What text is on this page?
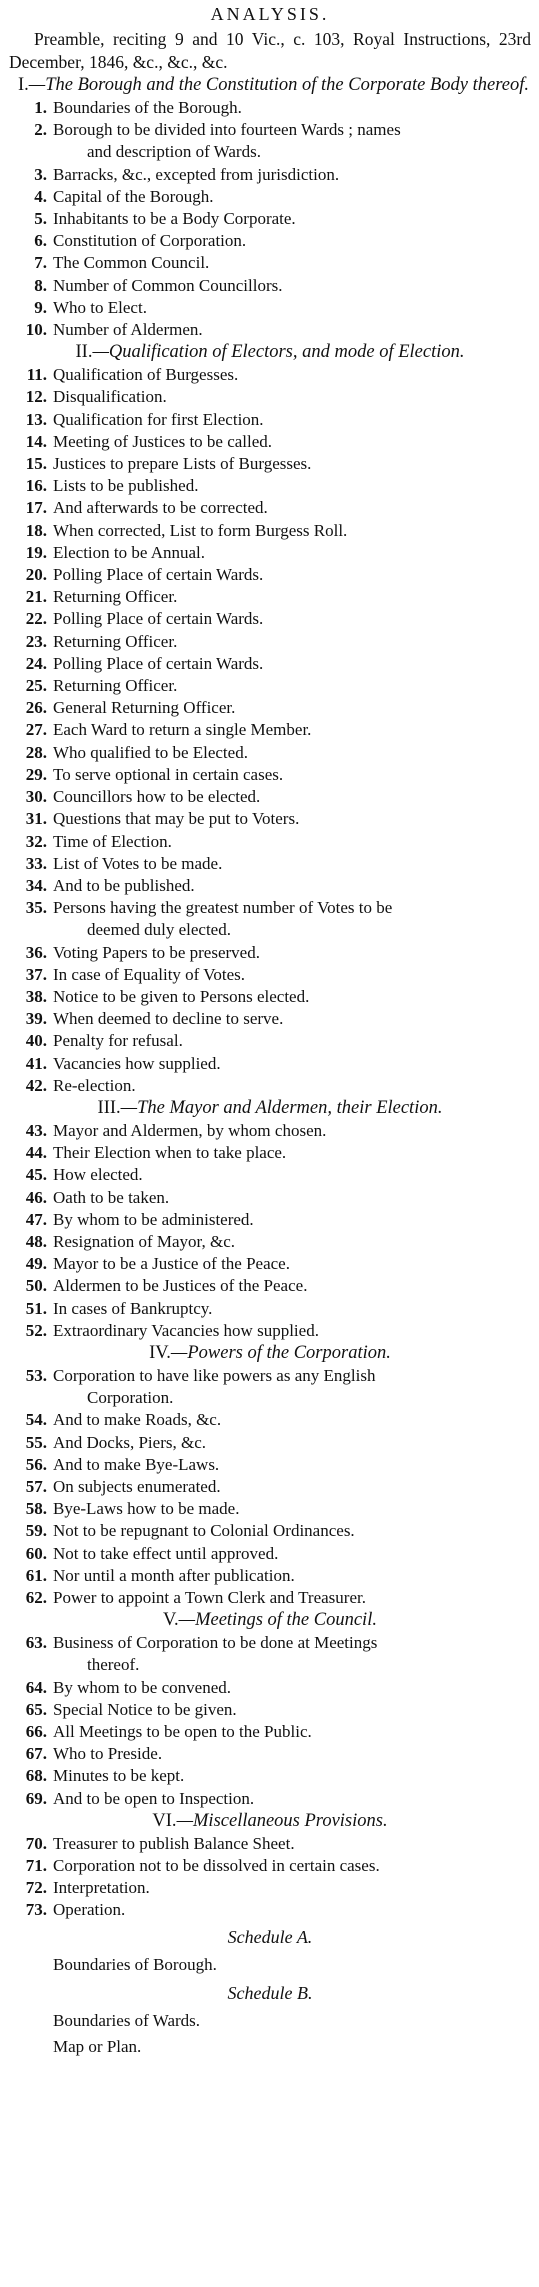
ANALYSIS.

Preamble, reciting 9 and 10 Vic., c. 103, Royal Instructions, 23rd December, 1846, &c., &c., &c.

I.—The Borough and the Constitution of the Corporate Body thereof.
1. Boundaries of the Borough.
2. Borough to be divided into fourteen Wards ; names
and description of Wards.
3. Barracks, &c., excepted from jurisdiction.
4. Capital of the Borough.
5. Inhabitants to be a Body Corporate.
6. Constitution of Corporation.
7. The Common Council.
8. Number of Common Councillors.
9. Who to Elect.
10. Number of Aldermen.
II.—Qualification of Electors, and mode of Election.
11. Qualification of Burgesses.
12. Disqualification.
13. Qualification for first Election.
14. Meeting of Justices to be called.
15. Justices to prepare Lists of Burgesses.
16. Lists to be published.
17. And afterwards to be corrected.
18. When corrected, List to form Burgess Roll.
19. Election to be Annual.
20. Polling Place of certain Wards.
21. Returning Officer.
22. Polling Place of certain Wards.
23. Returning Officer.
24. Polling Place of certain Wards.
25. Returning Officer.
26. General Returning Officer.
27. Each Ward to return a single Member.
28. Who qualified to be Elected.
29. To serve optional in certain cases.
30. Councillors how to be elected.
31. Questions that may be put to Voters.
32. Time of Election.
33. List of Votes to be made.
34. And to be published.
35. Persons having the greatest number of Votes to be
deemed duly elected.
36. Voting Papers to be preserved.
37. In case of Equality of Votes.
38. Notice to be given to Persons elected.
39. When deemed to decline to serve.
40. Penalty for refusal.
41. Vacancies how supplied.
42. Re-election.
III.—The Mayor and Aldermen, their Election.
43. Mayor and Aldermen, by whom chosen.
44. Their Election when to take place.
45. How elected.
46. Oath to be taken.
47. By whom to be administered.
48. Resignation of Mayor, &c.
49. Mayor to be a Justice of the Peace.
50. Aldermen to be Justices of the Peace.
51. In cases of Bankruptcy.
52. Extraordinary Vacancies how supplied.
IV.—Powers of the Corporation.
53. Corporation to have like powers as any English
Corporation.
54. And to make Roads, &c.
55. And Docks, Piers, &c.
56. And to make Bye-Laws.
57. On subjects enumerated.
58. Bye-Laws how to be made.
59. Not to be repugnant to Colonial Ordinances.
60. Not to take effect until approved.
61. Nor until a month after publication.
62. Power to appoint a Town Clerk and Treasurer.
V.—Meetings of the Council.
63. Business of Corporation to be done at Meetings
thereof.
64. By whom to be convened.
65. Special Notice to be given.
66. All Meetings to be open to the Public.
67. Who to Preside.
68. Minutes to be kept.
69. And to be open to Inspection.
VI.—Miscellaneous Provisions.
70. Treasurer to publish Balance Sheet.
71. Corporation not to be dissolved in certain cases.
72. Interpretation.
73. Operation.
Schedule A.
Boundaries of Borough.
Schedule B.
Boundaries of Wards.
Map or Plan.
